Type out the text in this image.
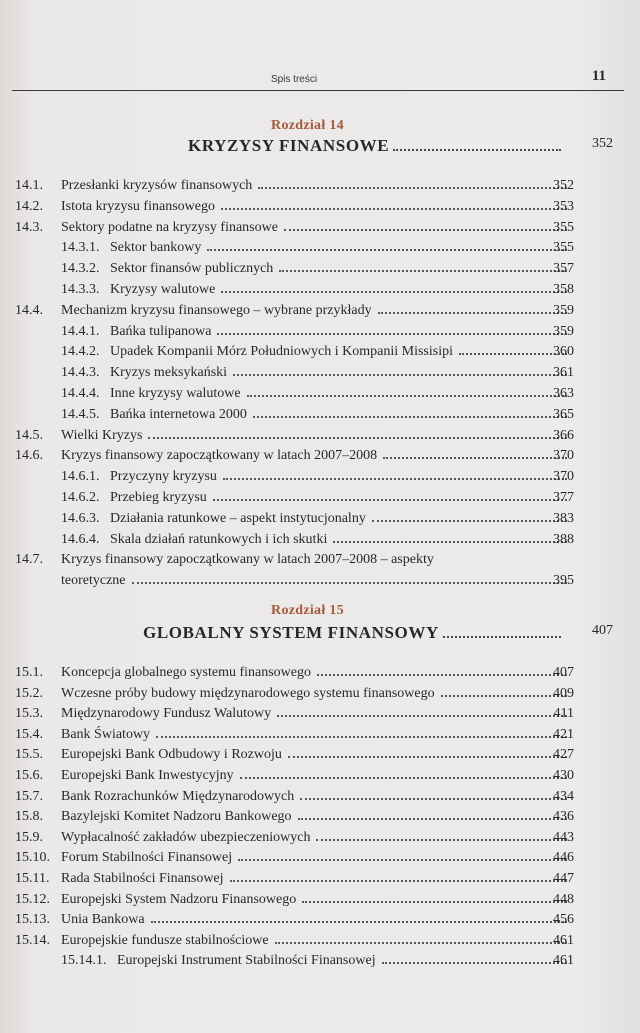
Spis treści	11
Rozdział 14
KRYZYSY FINANSOWE	352
14.1. Przesłanki kryzysów finansowych	352
14.2. Istota kryzysu finansowego	353
14.3. Sektory podatne na kryzysy finansowe	355
14.3.1.   Sektor bankowy	355
14.3.2.   Sektor finansów publicznych	357
14.3.3.   Kryzysy walutowe	358
14.4. Mechanizm kryzysu finansowego – wybrane przykłady	359
14.4.1.   Bańka tulipanowa	359
14.4.2.   Upadek Kompanii Mórz Południowych i Kompanii Missisipi	360
14.4.3.   Kryzys meksykański	361
14.4.4.   Inne kryzysy walutowe	363
14.4.5.   Bańka internetowa 2000	365
14.5. Wielki Kryzys	366
14.6. Kryzys finansowy zapoczątkowany w latach 2007–2008	370
14.6.1.   Przyczyny kryzysu	370
14.6.2.   Przebieg kryzysu	377
14.6.3.   Działania ratunkowe – aspekt instytucjonalny	383
14.6.4.   Skala działań ratunkowych i ich skutki	388
14.7. Kryzys finansowy zapoczątkowany w latach 2007–2008 – aspekty
teoretyczne	395
Rozdział 15
GLOBALNY SYSTEM FINANSOWY	407
15.1. Koncepcja globalnego systemu finansowego	407
15.2. Wczesne próby budowy międzynarodowego systemu finansowego	409
15.3. Międzynarodowy Fundusz Walutowy	411
15.4. Bank Światowy	421
15.5. Europejski Bank Odbudowy i Rozwoju	427
15.6. Europejski Bank Inwestycyjny	430
15.7. Bank Rozrachunków Międzynarodowych	434
15.8. Bazylejski Komitet Nadzoru Bankowego	436
15.9. Wypłacalność zakładów ubezpieczeniowych	443
15.10. Forum Stabilności Finansowej	446
15.11. Rada Stabilności Finansowej	447
15.12. Europejski System Nadzoru Finansowego	448
15.13. Unia Bankowa	456
15.14. Europejskie fundusze stabilnościowe	461
15.14.1.   Europejski Instrument Stabilności Finansowej	461
